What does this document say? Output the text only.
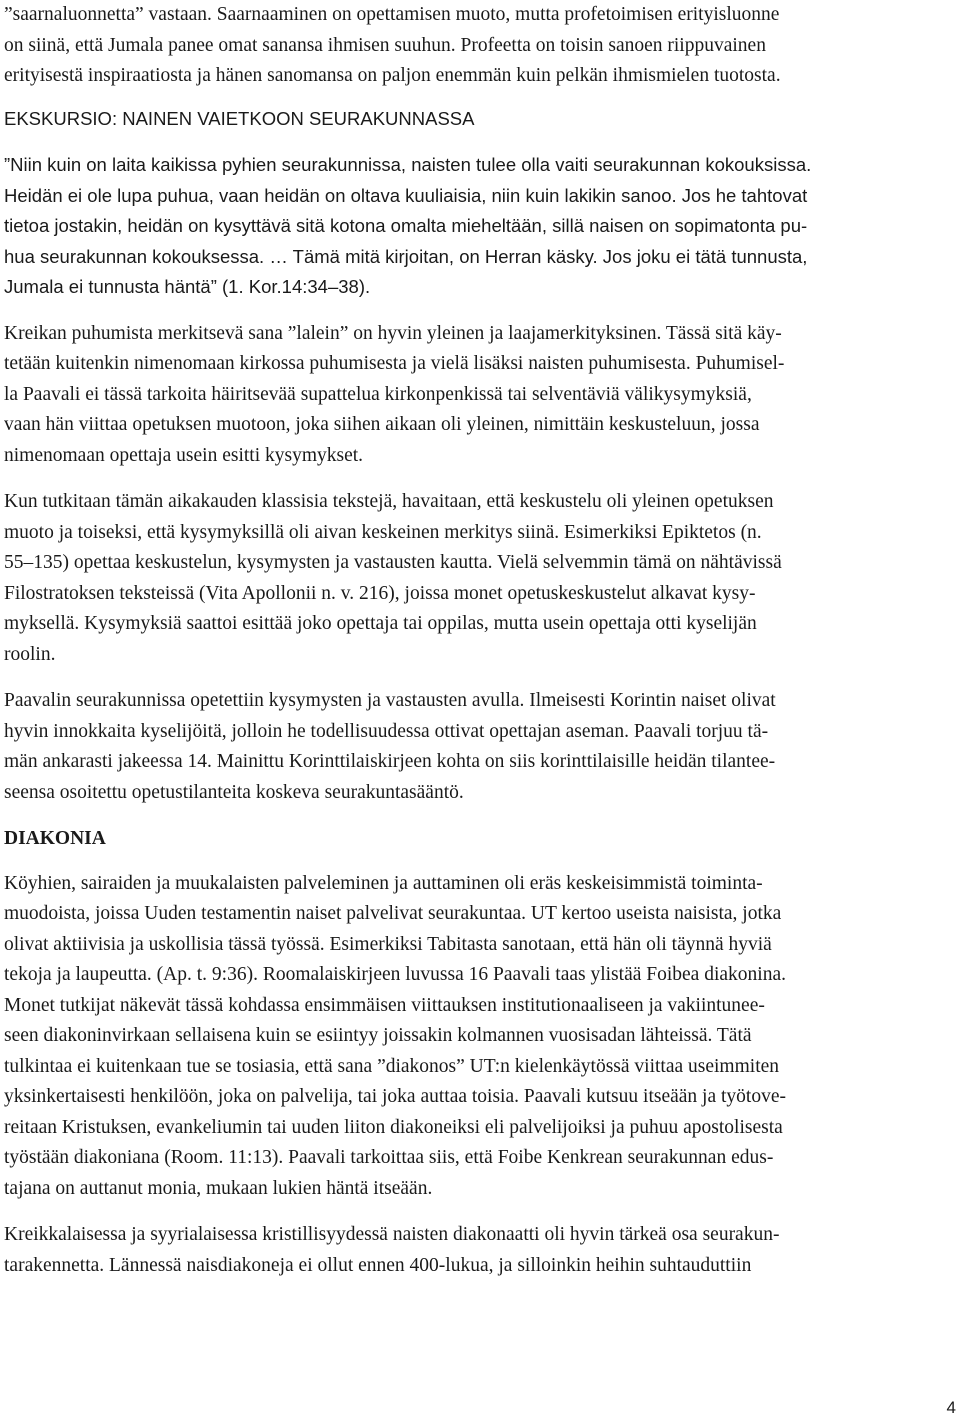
”saarnaluonnetta” vastaan. Saarnaaminen on opettamisen muoto, mutta profetoimisen erityisluonne
on siinä, että Jumala panee omat sanansa ihmisen suuhun. Profeetta on toisin sanoen riippuvainen
erityisestä inspiraatiosta ja hänen sanomansa on paljon enemmän kuin pelkän ihmismielen tuotosta.

EKSKURSIO: NAINEN VAIETKOON SEURAKUNNASSA

”Niin kuin on laita kaikissa pyhien seurakunnissa, naisten tulee olla vaiti seurakunnan kokouksissa.
Heidän ei ole lupa puhua, vaan heidän on oltava kuuliaisia, niin kuin lakikin sanoo. Jos he tahtovat
tietoa jostakin, heidän on kysyttävä sitä kotona omalta mieheltään, sillä naisen on sopimatonta pu-
hua seurakunnan kokouksessa. … Tämä mitä kirjoitan, on Herran käsky. Jos joku ei tätä tunnusta,
Jumala ei tunnusta häntä” (1. Kor.14:34‒38).
Kreikan puhumista merkitsevä sana ”lalein” on hyvin yleinen ja laajamerkityksinen. Tässä sitä käy-
tetään kuitenkin nimenomaan kirkossa puhumisesta ja vielä lisäksi naisten puhumisesta. Puhumisel-
la Paavali ei tässä tarkoita häiritsevää supattelua kirkonpenkissä tai selventäviä välikysymyksiä,
vaan hän viittaa opetuksen muotoon, joka siihen aikaan oli yleinen, nimittäin keskusteluun, jossa
nimenomaan opettaja usein esitti kysymykset.
Kun tutkitaan tämän aikakauden klassisia tekstejä, havaitaan, että keskustelu oli yleinen opetuksen
muoto ja toiseksi, että kysymyksillä oli aivan keskeinen merkitys siinä. Esimerkiksi Epiktetos (n.
55‒135) opettaa keskustelun, kysymysten ja vastausten kautta. Vielä selvemmin tämä on nähtävissä
Filostratoksen teksteissä (Vita Apollonii n. v. 216), joissa monet opetuskeskustelut alkavat kysy-
myksellä. Kysymyksiä saattoi esittää joko opettaja tai oppilas, mutta usein opettaja otti kyselijän
roolin.
Paavalin seurakunnissa opetettiin kysymysten ja vastausten avulla. Ilmeisesti Korintin naiset olivat
hyvin innokkaita kyselijöitä, jolloin he todellisuudessa ottivat opettajan aseman. Paavali torjuu tä-
män ankarasti jakeessa 14. Mainittu Korinttilaiskirjeen kohta on siis korinttilaisille heidän tilantee-
seensa osoitettu opetustilanteita koskeva seurakuntasääntö.

DIAKONIA

Köyhien, sairaiden ja muukalaisten palveleminen ja auttaminen oli eräs keskeisimmistä toiminta-
muodoista, joissa Uuden testamentin naiset palvelivat seurakuntaa. UT kertoo useista naisista, jotka
olivat aktiivisia ja uskollisia tässä työssä. Esimerkiksi Tabitasta sanotaan, että hän oli täynnä hyviä
tekoja ja laupeutta. (Ap. t. 9:36). Roomalaiskirjeen luvussa 16 Paavali taas ylistää Foibea diakonina.
Monet tutkijat näkevät tässä kohdassa ensimmäisen viittauksen institutionaaliseen ja vakiintunee-
seen diakoninvirkaan sellaisena kuin se esiintyy joissakin kolmannen vuosisadan lähteissä. Tätä
tulkintaa ei kuitenkaan tue se tosiasia, että sana ”diakonos” UT:n kielenkäytössä viittaa useimmiten
yksinkertaisesti henkilöön, joka on palvelija, tai joka auttaa toisia. Paavali kutsuu itseään ja työtove-
reitaan Kristuksen, evankeliumin tai uuden liiton diakoneiksi eli palvelijoiksi ja puhuu apostolisesta
työstään diakoniana (Room. 11:13). Paavali tarkoittaa siis, että Foibe Kenkrean seurakunnan edus-
tajana on auttanut monia, mukaan lukien häntä itseään.
Kreikkalaisessa ja syyrialaisessa kristillisyydessä naisten diakonaatti oli hyvin tärkeä osa seurakun-
tarakennetta. Lännessä naisdiakoneja ei ollut ennen 400-lukua, ja silloinkin heihin suhtauduttiin
4
